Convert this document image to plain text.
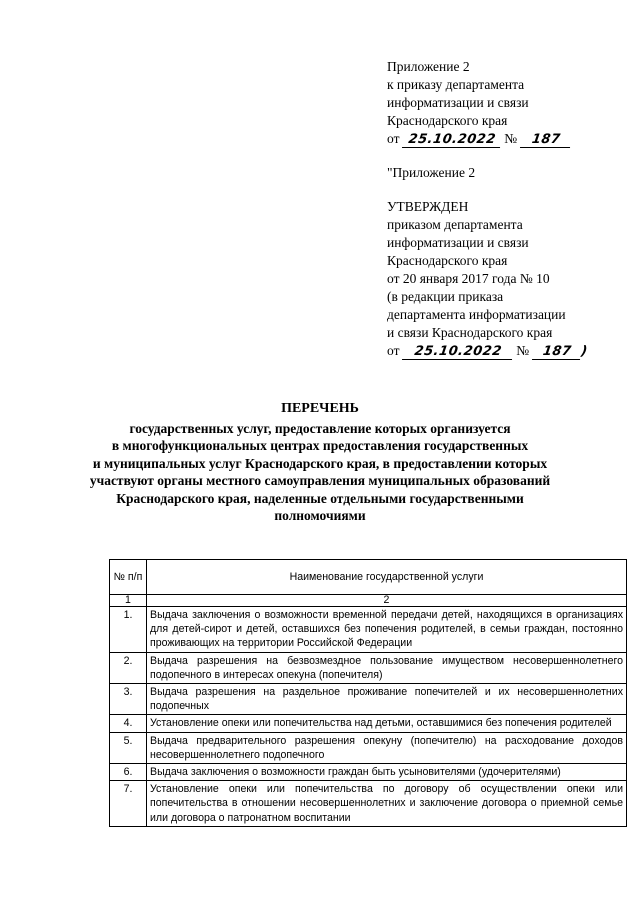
Приложение 2
к приказу департамента
информатизации и связи
Краснодарского края
от 25.10.2022 № 187
"Приложение 2
УТВЕРЖДЕН
приказом департамента
информатизации и связи
Краснодарского края
от 20 января 2017 года № 10
(в редакции приказа
департамента информатизации
и связи Краснодарского края
от 25.10.2022 № 187 )
ПЕРЕЧЕНЬ
государственных услуг, предоставление которых организуется
в многофункциональных центрах предоставления государственных
и муниципальных услуг Краснодарского края, в предоставлении которых
участвуют органы местного самоуправления муниципальных образований
Краснодарского края, наделенные отдельными государственными
полномочиями
№ п/п	Наименование государственной услуги
1	2
1.	Выдача заключения о возможности временной передачи детей, находящихся в организациях для детей-сирот и детей, оставшихся без попечения родителей, в семьи граждан, постоянно проживающих на территории Российской Федерации
2.	Выдача разрешения на безвозмездное пользование имуществом несовершеннолетнего подопечного в интересах опекуна (попечителя)
3.	Выдача разрешения на раздельное проживание попечителей и их несовершеннолетних подопечных
4.	Установление опеки или попечительства над детьми, оставшимися без попечения родителей
5.	Выдача предварительного разрешения опекуну (попечителю) на расходование доходов несовершеннолетнего подопечного
6.	Выдача заключения о возможности граждан быть усыновителями (удочерителями)
7.	Установление опеки или попечительства по договору об осуществлении опеки или попечительства в отношении несовершеннолетних и заключение договора о приемной семье или договора о патронатном воспитании
